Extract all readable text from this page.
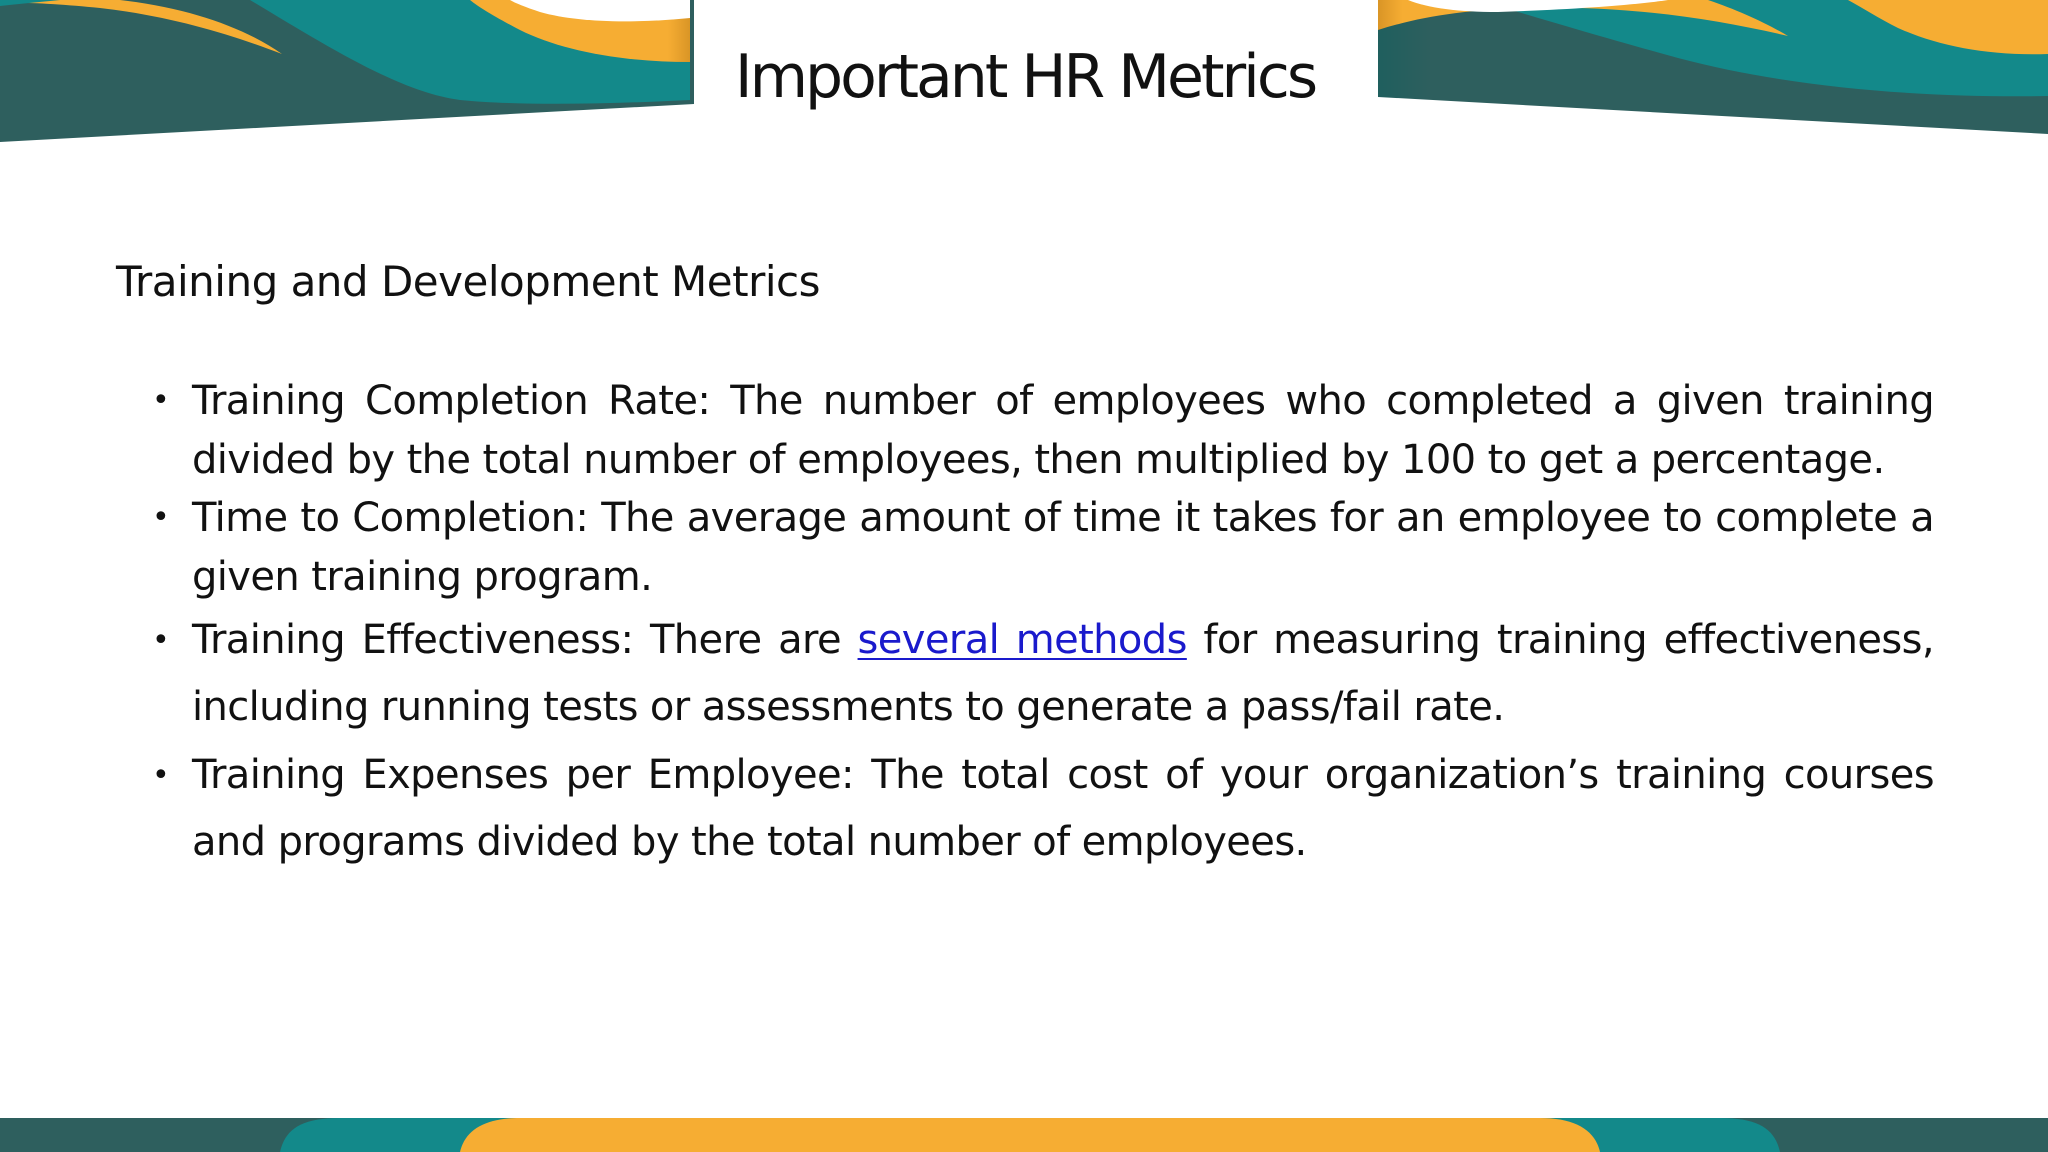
Important HR Metrics

Training and Development Metrics

• Training Completion Rate: The number of employees who completed a given training divided by the total number of employees, then multiplied by 100 to get a percentage.
• Time to Completion: The average amount of time it takes for an employee to complete a given training program.
• Training Effectiveness: There are several methods for measuring training effectiveness, including running tests or assessments to generate a pass/fail rate.
• Training Expenses per Employee: The total cost of your organization’s training courses and programs divided by the total number of employees.
